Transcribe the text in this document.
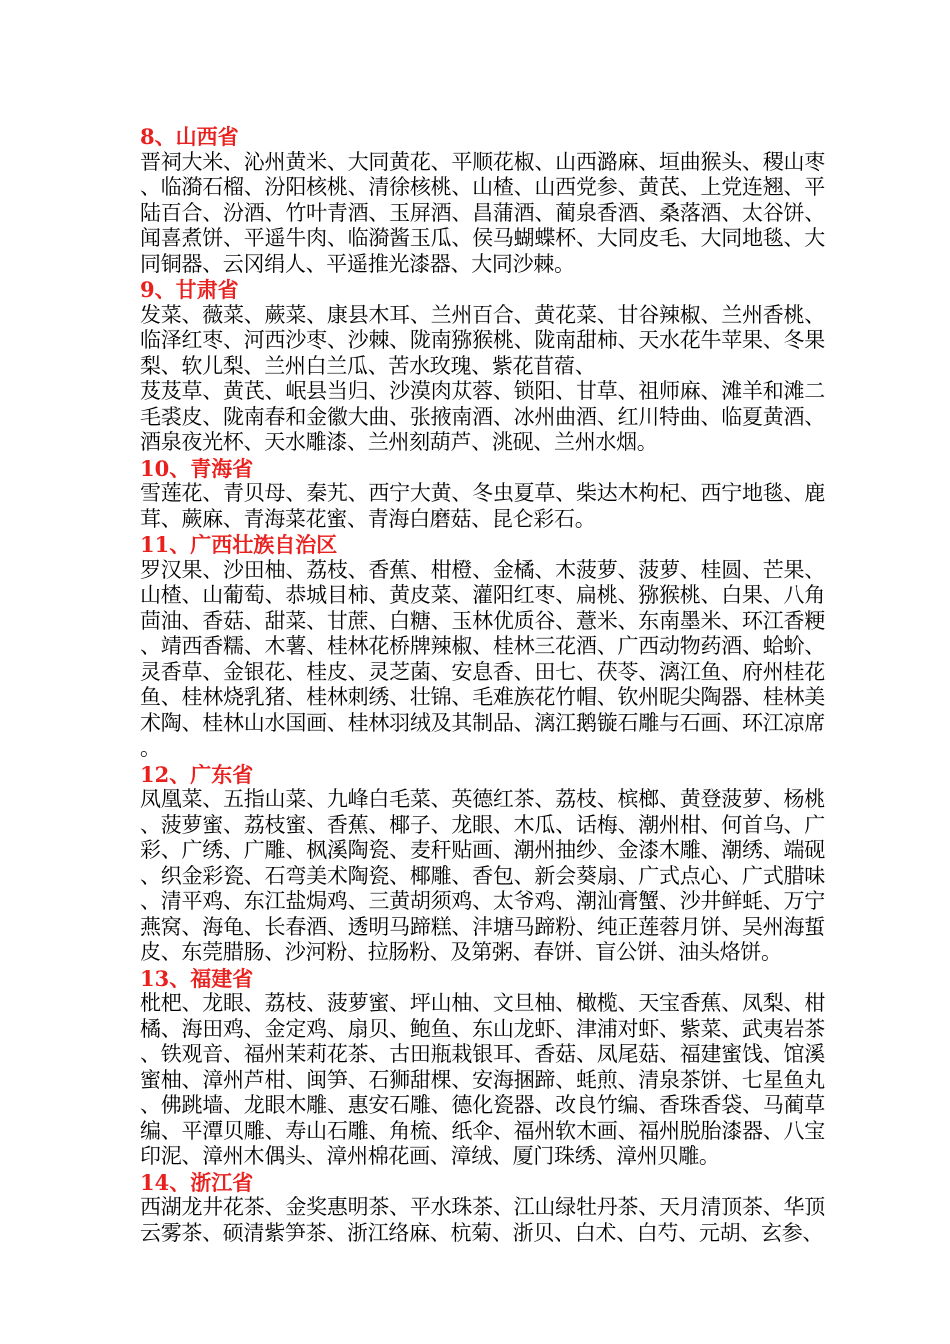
8、山西省
晋祠大米、沁州黄米、大同黄花、平顺花椒、山西潞麻、垣曲猴头、稷山枣、临漪石榴、汾阳核桃、清徐核桃、山楂、山西党参、黄芪、上党连翘、平陆百合、汾酒、竹叶青酒、玉屏酒、昌蒲酒、蔺泉香酒、桑落酒、太谷饼、闻喜煮饼、平遥牛肉、临漪酱玉瓜、侯马蝴蝶杯、大同皮毛、大同地毯、大同铜器、云冈绢人、平遥推光漆器、大同沙棘。
9、甘肃省
发菜、薇菜、蕨菜、康县木耳、兰州百合、黄花菜、甘谷辣椒、兰州香桃、临泽红枣、河西沙枣、沙棘、陇南猕猴桃、陇南甜柿、天水花牛苹果、冬果梨、软儿梨、兰州白兰瓜、苦水玫瑰、紫花苜蓿、
芨芨草、黄芪、岷县当归、沙漠肉苁蓉、锁阳、甘草、祖师麻、滩羊和滩二毛裘皮、陇南春和金徽大曲、张掖南酒、冰州曲酒、红川特曲、临夏黄酒、酒泉夜光杯、天水雕漆、兰州刻葫芦、洮砚、兰州水烟。
10、青海省
雪莲花、青贝母、秦艽、西宁大黄、冬虫夏草、柴达木枸杞、西宁地毯、鹿茸、蕨麻、青海菜花蜜、青海白磨菇、昆仑彩石。
11、广西壮族自治区
罗汉果、沙田柚、荔枝、香蕉、柑橙、金橘、木菠萝、菠萝、桂圆、芒果、山楂、山葡萄、恭城目柿、黄皮菜、灌阳红枣、扁桃、猕猴桃、白果、八角茴油、香菇、甜菜、甘蔗、白糖、玉林优质谷、薏米、东南墨米、环江香粳、靖西香糯、木薯、桂林花桥牌辣椒、桂林三花酒、广西动物药酒、蛤蚧、灵香草、金银花、桂皮、灵芝菌、安息香、田七、茯苓、漓江鱼、府州桂花鱼、桂林烧乳猪、桂林刺绣、壮锦、毛难族花竹帽、钦州昵尖陶器、桂林美术陶、桂林山水国画、桂林羽绒及其制品、漓江鹅镟石雕与石画、环江凉席。
12、广东省
凤凰菜、五指山菜、九峰白毛菜、英德红茶、荔枝、槟榔、黄登菠萝、杨桃、菠萝蜜、荔枝蜜、香蕉、椰子、龙眼、木瓜、话梅、潮州柑、何首乌、广彩、广绣、广雕、枫溪陶瓷、麦秆贴画、潮州抽纱、金漆木雕、潮绣、端砚、织金彩瓷、石弯美术陶瓷、椰雕、香包、新会葵扇、广式点心、广式腊味、清平鸡、东江盐焗鸡、三黄胡须鸡、太爷鸡、潮汕膏蟹、沙井鲜蚝、万宁燕窝、海龟、长春酒、透明马蹄糕、沣塘马蹄粉、纯正莲蓉月饼、吴州海蜇皮、东莞腊肠、沙河粉、拉肠粉、及第粥、春饼、盲公饼、油头烙饼。
13、福建省
枇杷、龙眼、荔枝、菠萝蜜、坪山柚、文旦柚、橄榄、天宝香蕉、凤梨、柑橘、海田鸡、金定鸡、扇贝、鲍鱼、东山龙虾、津浦对虾、紫菜、武夷岩茶、铁观音、福州茉莉花茶、古田瓶栽银耳、香菇、凤尾菇、福建蜜饯、馆溪蜜柚、漳州芦柑、闽笋、石狮甜棵、安海捆蹄、蚝煎、清泉茶饼、七星鱼丸、佛跳墙、龙眼木雕、惠安石雕、德化瓷器、改良竹编、香珠香袋、马蔺草编、平潭贝雕、寿山石雕、角梳、纸伞、福州软木画、福州脱胎漆器、八宝印泥、漳州木偶头、漳州棉花画、漳绒、厦门珠绣、漳州贝雕。
14、浙江省
西湖龙井花茶、金奖惠明茶、平水珠茶、江山绿牡丹茶、天月清顶茶、华顶云雾茶、硕清紫笋茶、浙江络麻、杭菊、浙贝、白术、白芍、元胡、玄参、
